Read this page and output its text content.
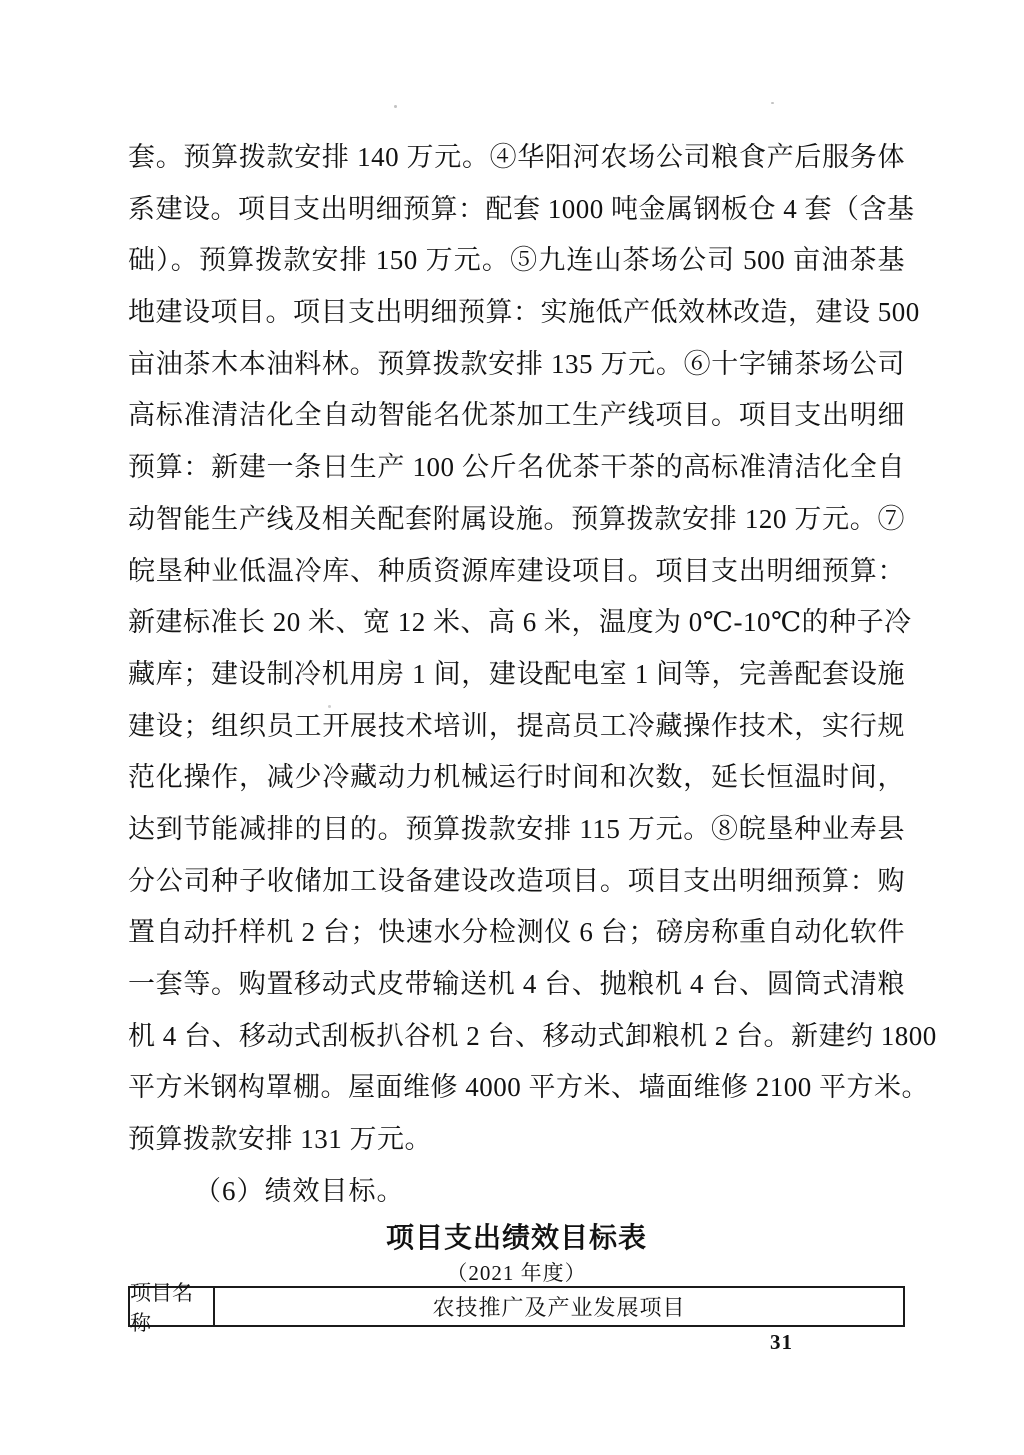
套。预算拨款安排 140 万元。④华阳河农场公司粮食产后服务体
系建设。项目支出明细预算：配套 1000 吨金属钢板仓 4 套（含基
础）。预算拨款安排 150 万元。⑤九连山茶场公司 500 亩油茶基
地建设项目。项目支出明细预算：实施低产低效林改造，建设 500
亩油茶木本油料林。预算拨款安排 135 万元。⑥十字铺茶场公司
高标准清洁化全自动智能名优茶加工生产线项目。项目支出明细
预算：新建一条日生产 100 公斤名优茶干茶的高标准清洁化全自
动智能生产线及相关配套附属设施。预算拨款安排 120 万元。⑦
皖垦种业低温冷库、种质资源库建设项目。项目支出明细预算：
新建标准长 20 米、宽 12 米、高 6 米，温度为 0℃-10℃的种子冷
藏库；建设制冷机用房 1 间，建设配电室 1 间等，完善配套设施
建设；组织员工开展技术培训，提高员工冷藏操作技术，实行规
范化操作，减少冷藏动力机械运行时间和次数，延长恒温时间，
达到节能减排的目的。预算拨款安排 115 万元。⑧皖垦种业寿县
分公司种子收储加工设备建设改造项目。项目支出明细预算：购
置自动扦样机 2 台；快速水分检测仪 6 台；磅房称重自动化软件
一套等。购置移动式皮带输送机 4 台、抛粮机 4 台、圆筒式清粮
机 4 台、移动式刮板扒谷机 2 台、移动式卸粮机 2 台。新建约 1800
平方米钢构罩棚。屋面维修 4000 平方米、墙面维修 2100 平方米。
预算拨款安排 131 万元。
（6）绩效目标。
项目支出绩效目标表
（2021 年度）
项目名称
农技推广及产业发展项目
31
